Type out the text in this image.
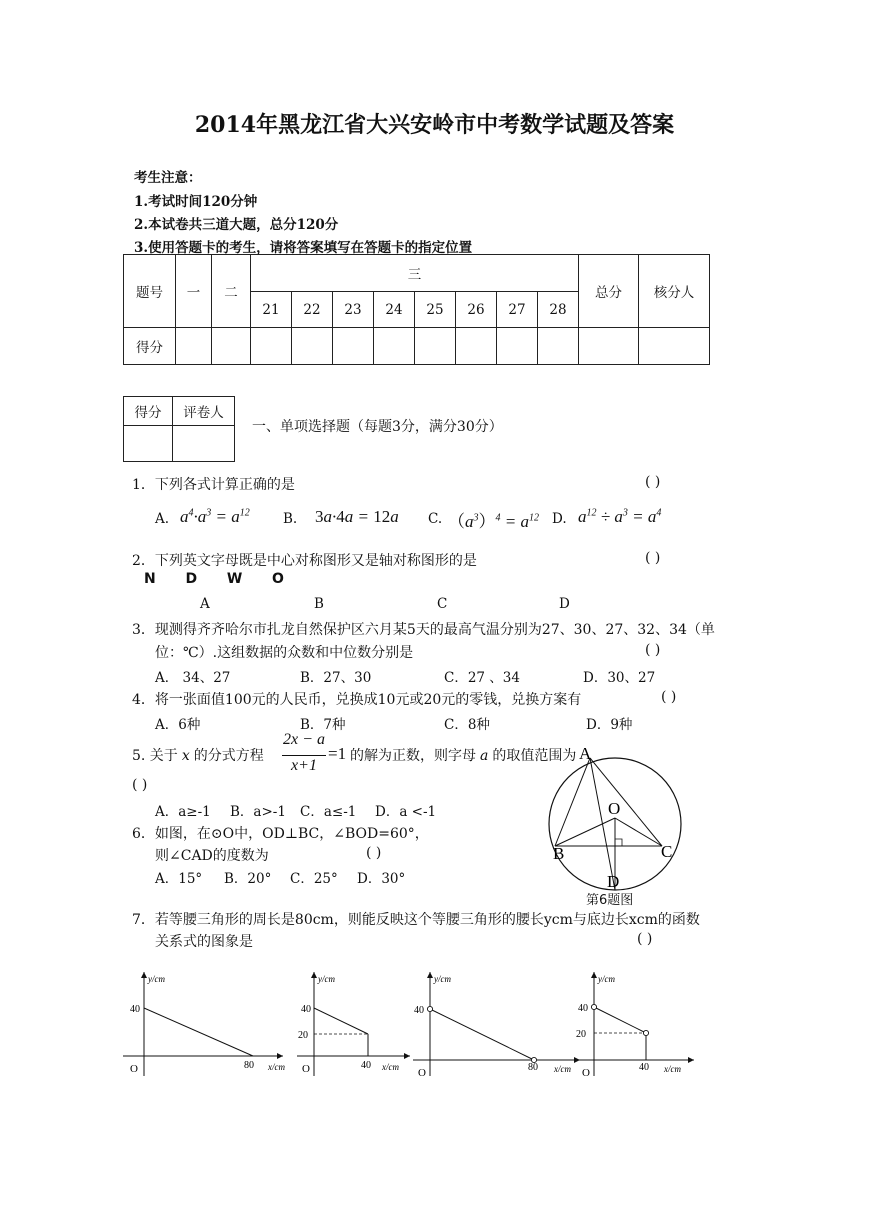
2014年黑龙江省大兴安岭市中考数学试题及答案
考生注意：
1.考试时间120分钟
2.本试卷共三道大题，总分120分
3.使用答题卡的考生，请将答案填写在答题卡的指定位置
题号	一	二	三								总分	核分人
			21	22	23	24	25	26	27	28		
得分												
得分	评卷人

一、单项选择题（每题3分，满分30分）
1．下列各式计算正确的是	( )
A. $a^4\cdot a^3 = a^{12}$ B. 3a·4a = 12a C. $(a^3)^4 = a^{12}$ D. $a^{12} \div a^3 = a^4$
2．下列英文字母既是中心对称图形又是轴对称图形的是	( )
N  D  W  O
A	B	C	D
3．现测得齐齐哈尔市扎龙自然保护区六月某5天的最高气温分别为27、30、27、32、34（单
位：℃）.这组数据的众数和中位数分别是	( )
A． 34、27	B．27、30	C．27 、34	D．30、27
4．将一张面值100元的人民币，兑换成10元或20元的零钱，兑换方案有	( )
A．6种	B．7种	C．8种	D．9种
5. 关于 x 的分式方程
2x − a
x+1
=1 的解为正数，则字母 a 的取值范围为
( )
A．a≥-1 B．a>-1 C．a≤-1 D．a <-1
6．如图，在⊙O中，OD⊥BC，∠BOD=60°，
则∠CAD的度数为	( )
A．15° B．20° C．25° D．30°
A
O
B	C
D
第6题图
7．若等腰三角形的周长是80cm，则能反映这个等腰三角形的腰长ycm与底边长xcm的函数
关系式的图象是	( )
y/cm
40
O	80 x/cm
y/cm
40
20
O	40 x/cm
y/cm
40
O	80 x/cm
y/cm
40
20
O	40 x/cm
